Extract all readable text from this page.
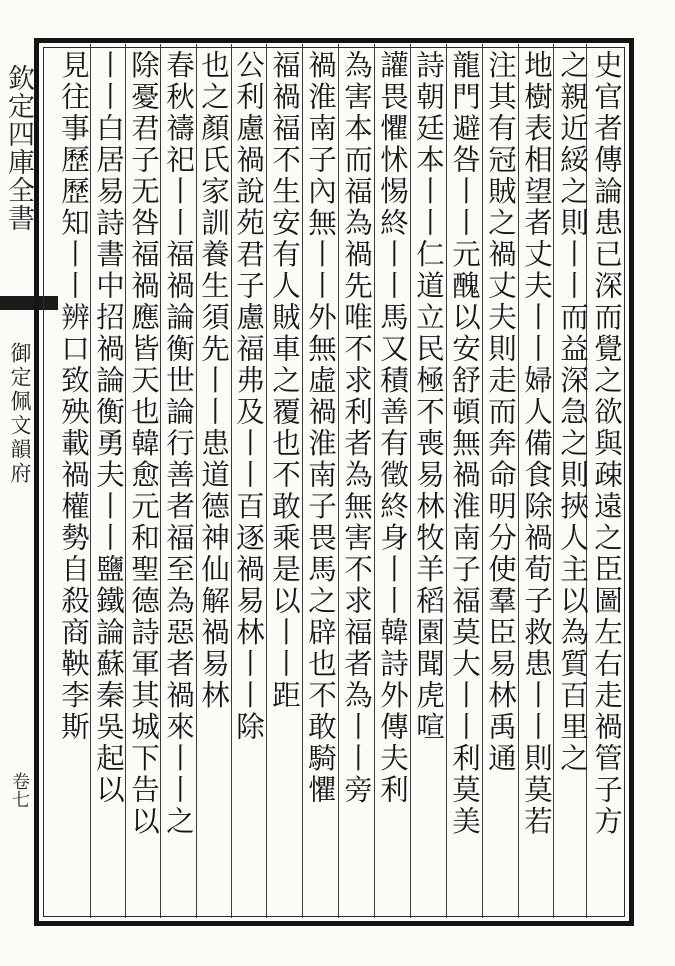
欽定四庫全書
御定佩文韻府
卷七	史官者傳論患已深而覺之欲與疎遠之臣圖左右走禍管子方
之親近綏之則丨丨而益深急之則挾人主以為質百里之
地樹表相望者丈夫丨丨婦人備食除禍荀子救患丨丨則莫若
注其有冠賊之禍丈夫則走而奔命明分使羣臣易林禹通
龍門避咎丨丨元醜以安舒頓無禍淮南子福莫大丨丨利莫美
詩朝廷本丨丨仁道立民極不喪易林牧羊稻園聞虎喧
讙畏懼怵惕終丨丨馬又積善有徵終身丨丨韓詩外傳夫利
為害本而福為禍先唯不求利者為無害不求福者為丨丨旁
禍淮南子內無丨丨外無虛禍淮南子畏馬之辟也不敢騎懼
福禍福不生安有人賊車之覆也不敢乘是以丨丨距
公利慮禍說苑君子慮福弗及丨丨百逐禍易林丨丨除
也之顏氏家訓養生須先丨丨患道德神仙解禍易林
春秋禱祀丨丨福禍論衡世論行善者福至為惡者禍來丨丨之
除憂君子无咎福禍應皆天也韓愈元和聖德詩軍其城下告以
丨丨白居易詩書中招禍論衡勇夫丨丨鹽鐵論蘇秦吳起以
見往事歷歷知丨丨辨口致殃載禍權勢自殺商鞅李斯
